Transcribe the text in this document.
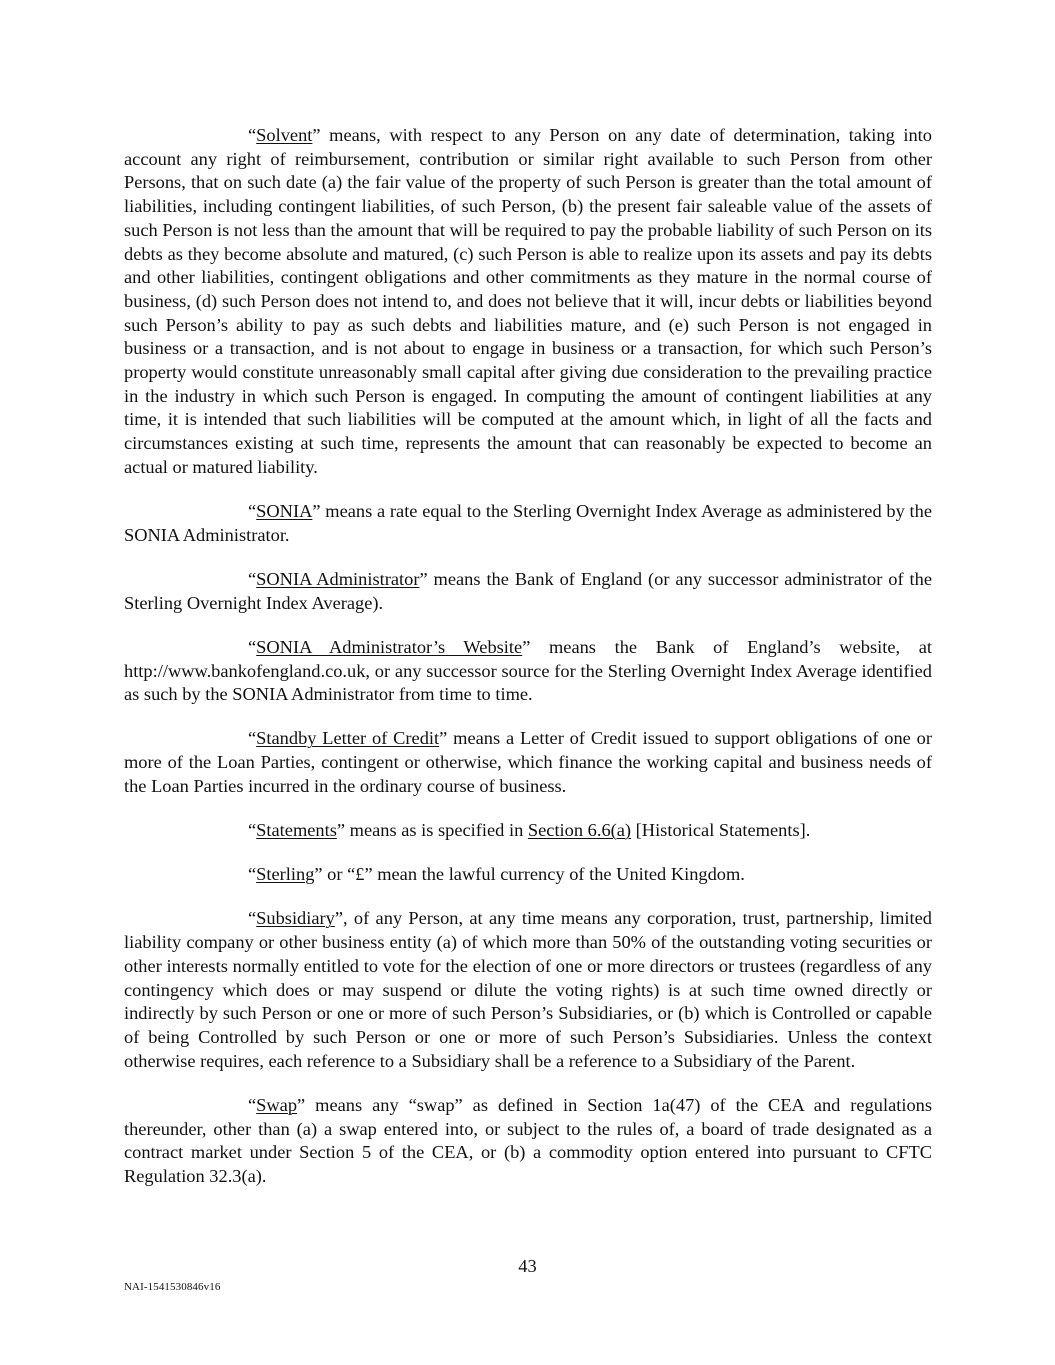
“Solvent” means, with respect to any Person on any date of determination, taking into account any right of reimbursement, contribution or similar right available to such Person from other Persons, that on such date (a) the fair value of the property of such Person is greater than the total amount of liabilities, including contingent liabilities, of such Person, (b) the present fair saleable value of the assets of such Person is not less than the amount that will be required to pay the probable liability of such Person on its debts as they become absolute and matured, (c) such Person is able to realize upon its assets and pay its debts and other liabilities, contingent obligations and other commitments as they mature in the normal course of business, (d) such Person does not intend to, and does not believe that it will, incur debts or liabilities beyond such Person’s ability to pay as such debts and liabilities mature, and (e) such Person is not engaged in business or a transaction, and is not about to engage in business or a transaction, for which such Person’s property would constitute unreasonably small capital after giving due consideration to the prevailing practice in the industry in which such Person is engaged. In computing the amount of contingent liabilities at any time, it is intended that such liabilities will be computed at the amount which, in light of all the facts and circumstances existing at such time, represents the amount that can reasonably be expected to become an actual or matured liability.

“SONIA” means a rate equal to the Sterling Overnight Index Average as administered by the SONIA Administrator.

“SONIA Administrator” means the Bank of England (or any successor administrator of the Sterling Overnight Index Average).

“SONIA Administrator’s Website” means the Bank of England’s website, at http://www.bankofengland.co.uk, or any successor source for the Sterling Overnight Index Average identified as such by the SONIA Administrator from time to time.

“Standby Letter of Credit” means a Letter of Credit issued to support obligations of one or more of the Loan Parties, contingent or otherwise, which finance the working capital and business needs of the Loan Parties incurred in the ordinary course of business.

“Statements” means as is specified in Section 6.6(a) [Historical Statements].

“Sterling” or “£” mean the lawful currency of the United Kingdom.

“Subsidiary”, of any Person, at any time means any corporation, trust, partnership, limited liability company or other business entity (a) of which more than 50% of the outstanding voting securities or other interests normally entitled to vote for the election of one or more directors or trustees (regardless of any contingency which does or may suspend or dilute the voting rights) is at such time owned directly or indirectly by such Person or one or more of such Person’s Subsidiaries, or (b) which is Controlled or capable of being Controlled by such Person or one or more of such Person’s Subsidiaries. Unless the context otherwise requires, each reference to a Subsidiary shall be a reference to a Subsidiary of the Parent.

“Swap” means any “swap” as defined in Section 1a(47) of the CEA and regulations thereunder, other than (a) a swap entered into, or subject to the rules of, a board of trade designated as a contract market under Section 5 of the CEA, or (b) a commodity option entered into pursuant to CFTC Regulation 32.3(a).

43
NAI-1541530846v16
